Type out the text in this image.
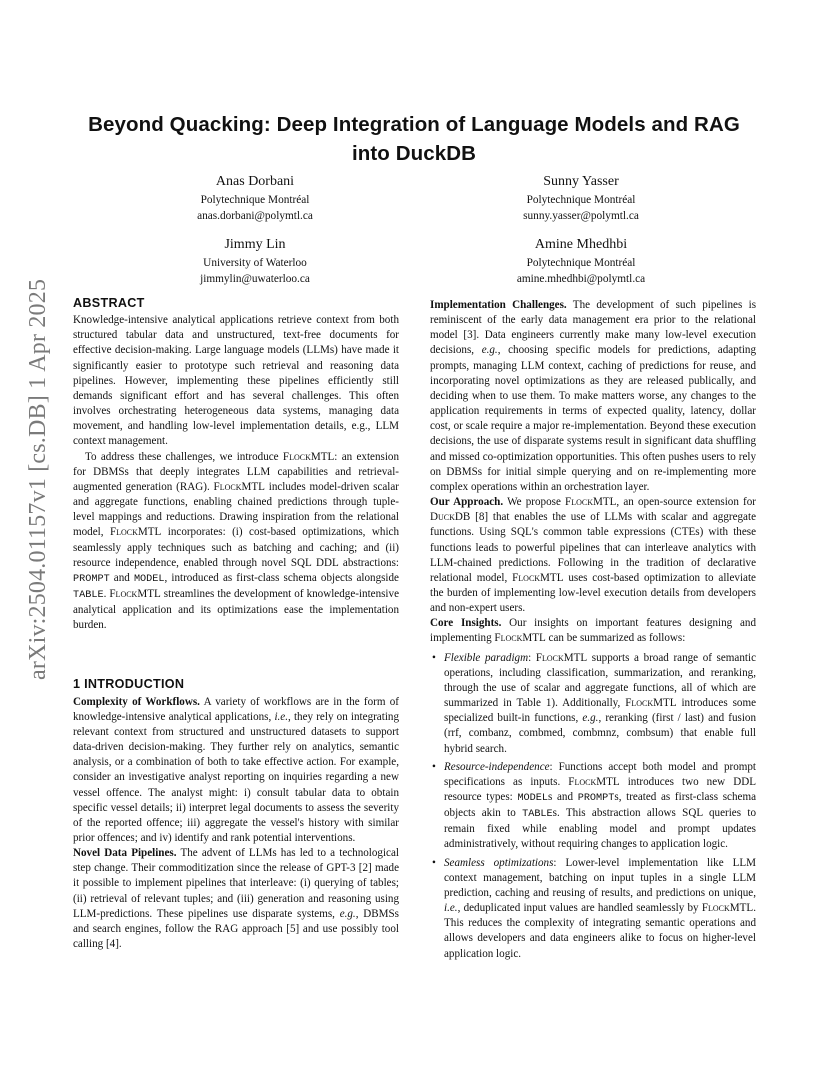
arXiv:2504.01157v1 [cs.DB] 1 Apr 2025
Beyond Quacking: Deep Integration of Language Models and RAG into DuckDB
Anas Dorbani
Polytechnique Montréal
anas.dorbani@polymtl.ca
Sunny Yasser
Polytechnique Montréal
sunny.yasser@polymtl.ca
Jimmy Lin
University of Waterloo
jimmylin@uwaterloo.ca
Amine Mhedhbi
Polytechnique Montréal
amine.mhedhbi@polymtl.ca
ABSTRACT

Knowledge-intensive analytical applications retrieve context from both structured tabular data and unstructured, text-free documents for effective decision-making. Large language models (LLMs) have made it significantly easier to prototype such retrieval and reasoning data pipelines. However, implementing these pipelines efficiently still demands significant effort and has several challenges. This often involves orchestrating heterogeneous data systems, managing data movement, and handling low-level implementation details, e.g., LLM context management.

To address these challenges, we introduce FlockMTL: an extension for DBMSs that deeply integrates LLM capabilities and retrieval-augmented generation (RAG). FlockMTL includes model-driven scalar and aggregate functions, enabling chained predictions through tuple-level mappings and reductions. Drawing inspiration from the relational model, FlockMTL incorporates: (i) cost-based optimizations, which seamlessly apply techniques such as batching and caching; and (ii) resource independence, enabled through novel SQL DDL abstractions: PROMPT and MODEL, introduced as first-class schema objects alongside TABLE. FlockMTL streamlines the development of knowledge-intensive analytical application and its optimizations ease the implementation burden.

1 INTRODUCTION

Complexity of Workflows. A variety of workflows are in the form of knowledge-intensive analytical applications, i.e., they rely on integrating relevant context from structured and unstructured datasets to support data-driven decision-making. They further rely on analytics, semantic analysis, or a combination of both to take effective action. For example, consider an investigative analyst reporting on inquiries regarding a new vessel offence. The analyst might: i) consult tabular data to obtain specific vessel details; ii) interpret legal documents to assess the severity of the reported offence; iii) aggregate the vessel's history with similar prior offences; and iv) identify and rank potential interventions.

Novel Data Pipelines. The advent of LLMs has led to a technological step change. Their commoditization since the release of GPT-3 [2] made it possible to implement pipelines that interleave: (i) querying of tables; (ii) retrieval of relevant tuples; and (iii) generation and reasoning using LLM-predictions. These pipelines use disparate systems, e.g., DBMSs and search engines, follow the RAG approach [5] and use possibly tool calling [4].

Implementation Challenges. The development of such pipelines is reminiscent of the early data management era prior to the relational model [3]. Data engineers currently make many low-level execution decisions, e.g., choosing specific models for predictions, adapting prompts, managing LLM context, caching of predictions for reuse, and incorporating novel optimizations as they are released publically, and deciding when to use them. To make matters worse, any changes to the application requirements in terms of expected quality, latency, dollar cost, or scale require a major re-implementation. Beyond these execution decisions, the use of disparate systems result in significant data shuffling and missed co-optimization opportunities. This often pushes users to rely on DBMSs for initial simple querying and on re-implementing more complex operations within an orchestration layer.

Our Approach. We propose FlockMTL, an open-source extension for DuckDB [8] that enables the use of LLMs with scalar and aggregate functions. Using SQL's common table expressions (CTEs) with these functions leads to powerful pipelines that can interleave analytics with LLM-chained predictions. Following in the tradition of declarative relational model, FlockMTL uses cost-based optimization to alleviate the burden of implementing low-level execution details from developers and non-expert users.

Core Insights. Our insights on important features designing and implementing FlockMTL can be summarized as follows:

• Flexible paradigm: FlockMTL supports a broad range of semantic operations, including classification, summarization, and reranking, through the use of scalar and aggregate functions, all of which are summarized in Table 1). Additionally, FlockMTL introduces some specialized built-in functions, e.g., reranking (first / last) and fusion (rrf, combanz, combmed, combmnz, combsum) that enable full hybrid search.
• Resource-independence: Functions accept both model and prompt specifications as inputs. FlockMTL introduces two new DDL resource types: MODELs and PROMPTs, treated as first-class schema objects akin to TABLEs. This abstraction allows SQL queries to remain fixed while enabling model and prompt updates administratively, without requiring changes to application logic.
• Seamless optimizations: Lower-level implementation like LLM context management, batching on input tuples in a single LLM prediction, caching and reusing of results, and predictions on unique, i.e., deduplicated input values are handled seamlessly by FlockMTL. This reduces the complexity of integrating semantic operations and allows developers and data engineers alike to focus on higher-level application logic.
